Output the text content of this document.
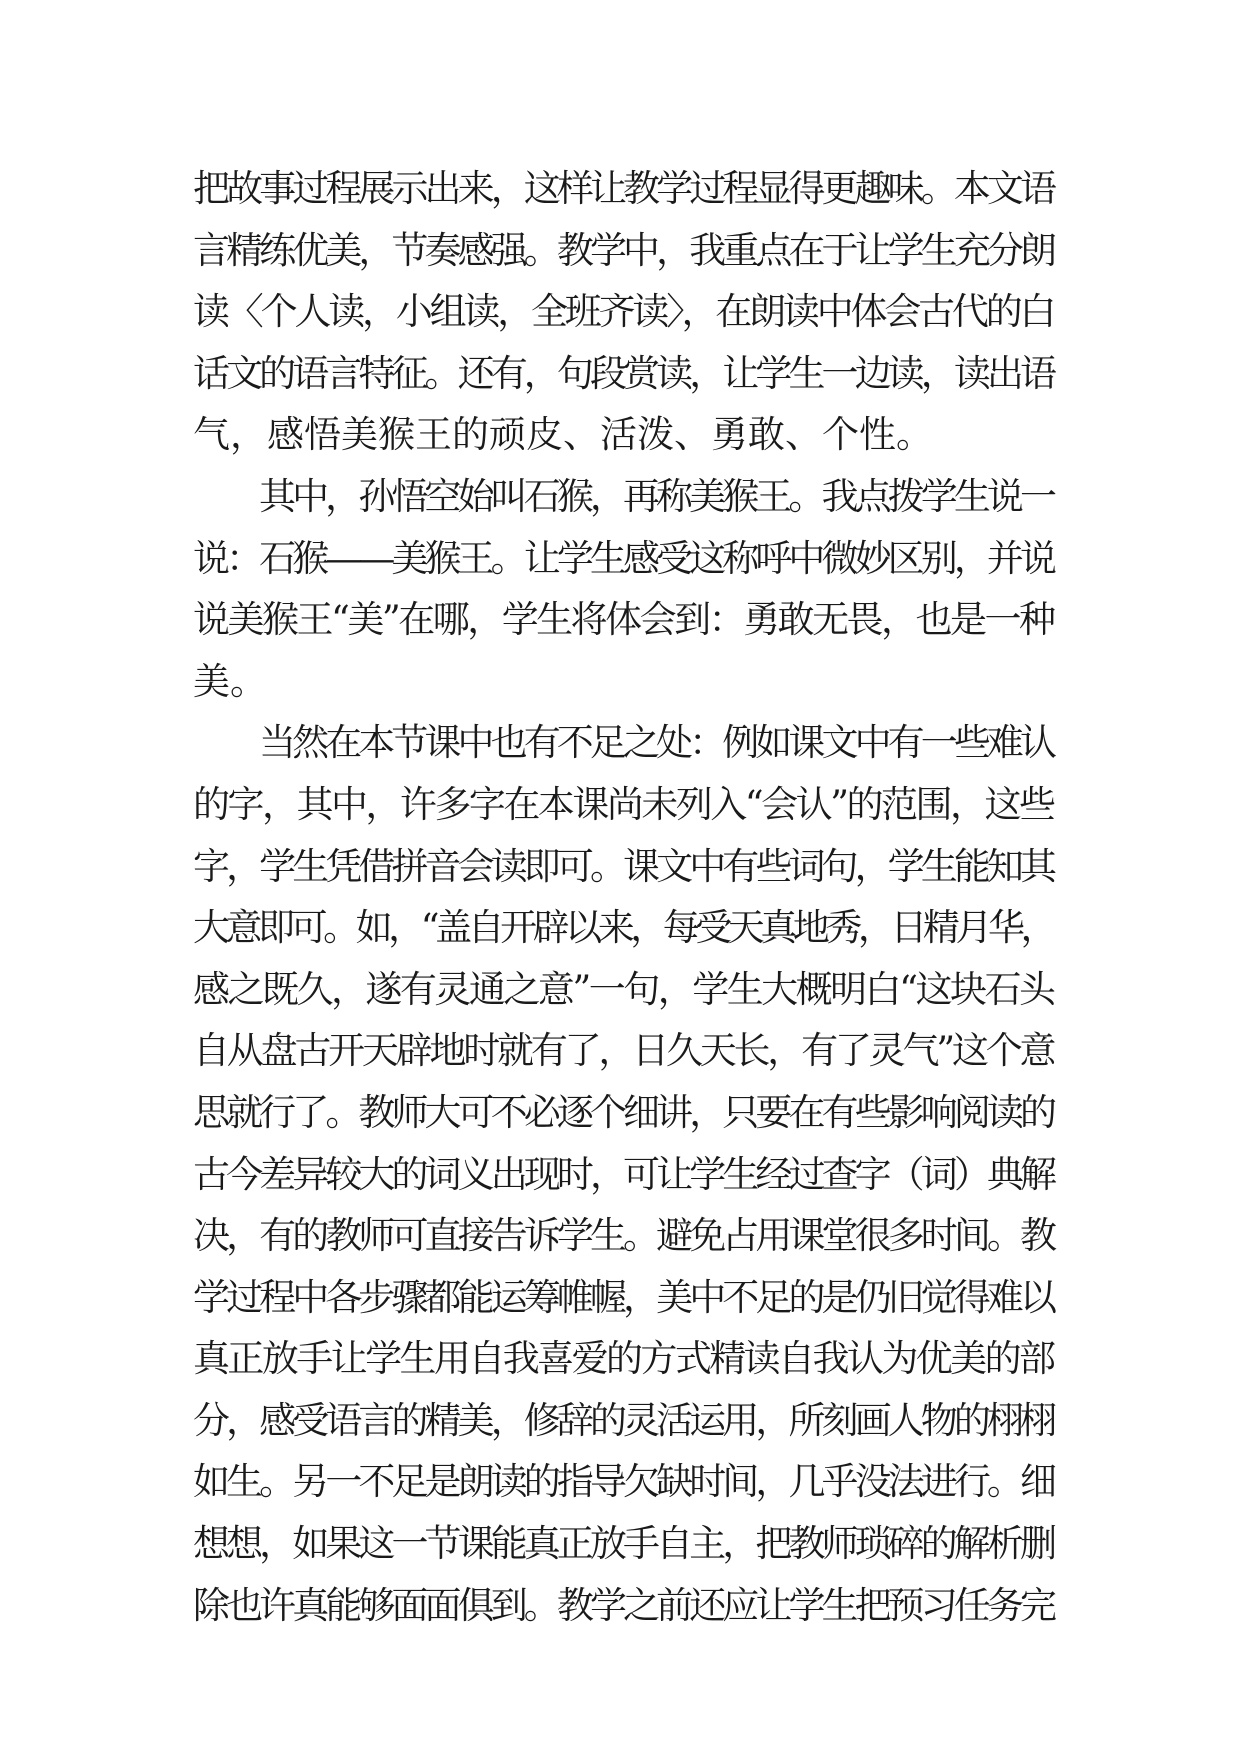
把故事过程展示出来，这样让教学过程显得更趣味。本文语
言精练优美，节奏感强。教学中，我重点在于让学生充分朗
读〈个人读，小组读，全班齐读〉，在朗读中体会古代的白
话文的语言特征。还有，句段赏读，让学生一边读，读出语
气，感悟美猴王的顽皮、活泼、勇敢、个性。
其中，孙悟空始叫石猴，再称美猴王。我点拨学生说一
说：石猴——美猴王。让学生感受这称呼中微妙区别，并说
说美猴王“美”在哪，学生将体会到：勇敢无畏，也是一种
美。
当然在本节课中也有不足之处：例如课文中有一些难认
的字，其中，许多字在本课尚未列入“会认”的范围，这些
字，学生凭借拼音会读即可。课文中有些词句，学生能知其
大意即可。如，“盖自开辟以来，每受天真地秀，日精月华，
感之既久，遂有灵通之意”一句，学生大概明白“这块石头
自从盘古开天辟地时就有了，日久天长，有了灵气”这个意
思就行了。教师大可不必逐个细讲，只要在有些影响阅读的
古今差异较大的词义出现时，可让学生经过查字（词）典解
决，有的教师可直接告诉学生。避免占用课堂很多时间。教
学过程中各步骤都能运筹帷幄，美中不足的是仍旧觉得难以
真正放手让学生用自我喜爱的方式精读自我认为优美的部
分，感受语言的精美，修辞的灵活运用，所刻画人物的栩栩
如生。另一不足是朗读的指导欠缺时间，几乎没法进行。细
想想，如果这一节课能真正放手自主，把教师琐碎的解析删
除也许真能够面面俱到。教学之前还应让学生把预习任务完
